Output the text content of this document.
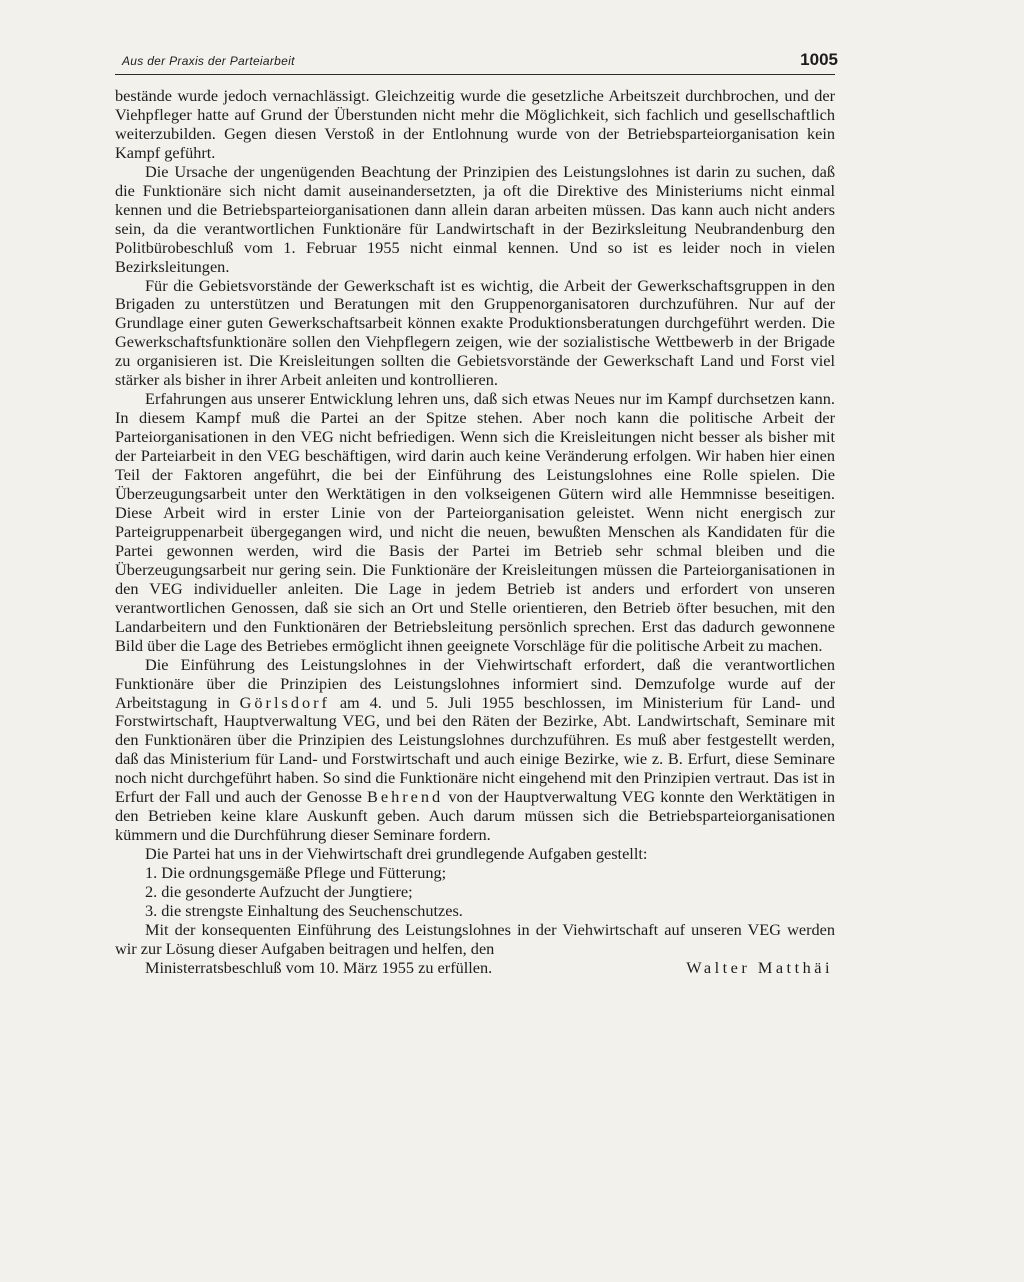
Aus der Praxis der Parteiarbeit	1005

bestände wurde jedoch vernachlässigt. Gleichzeitig wurde die gesetzliche Arbeitszeit durchbrochen, und der Viehpfleger hatte auf Grund der Überstunden nicht mehr die Möglichkeit, sich fachlich und gesellschaftlich weiterzubilden. Gegen diesen Verstoß in der Entlohnung wurde von der Betriebsparteiorganisation kein Kampf geführt.

Die Ursache der ungenügenden Beachtung der Prinzipien des Leistungslohnes ist darin zu suchen, daß die Funktionäre sich nicht damit auseinandersetzten, ja oft die Direktive des Ministeriums nicht einmal kennen und die Betriebsparteiorganisationen dann allein daran arbeiten müssen. Das kann auch nicht anders sein, da die verantwortlichen Funktionäre für Landwirtschaft in der Bezirksleitung Neubrandenburg den Politbürobeschluß vom 1. Februar 1955 nicht einmal kennen. Und so ist es leider noch in vielen Bezirksleitungen.

Für die Gebietsvorstände der Gewerkschaft ist es wichtig, die Arbeit der Gewerkschaftsgruppen in den Brigaden zu unterstützen und Beratungen mit den Gruppenorganisatoren durchzuführen. Nur auf der Grundlage einer guten Gewerkschaftsarbeit können exakte Produktionsberatungen durchgeführt werden. Die Gewerkschaftsfunktionäre sollen den Viehpflegern zeigen, wie der sozialistische Wettbewerb in der Brigade zu organisieren ist. Die Kreisleitungen sollten die Gebietsvorstände der Gewerkschaft Land und Forst viel stärker als bisher in ihrer Arbeit anleiten und kontrollieren.

Erfahrungen aus unserer Entwicklung lehren uns, daß sich etwas Neues nur im Kampf durchsetzen kann. In diesem Kampf muß die Partei an der Spitze stehen. Aber noch kann die politische Arbeit der Parteiorganisationen in den VEG nicht befriedigen. Wenn sich die Kreisleitungen nicht besser als bisher mit der Parteiarbeit in den VEG beschäftigen, wird darin auch keine Veränderung erfolgen. Wir haben hier einen Teil der Faktoren angeführt, die bei der Einführung des Leistungslohnes eine Rolle spielen. Die Überzeugungsarbeit unter den Werktätigen in den volkseigenen Gütern wird alle Hemmnisse beseitigen. Diese Arbeit wird in erster Linie von der Parteiorganisation geleistet. Wenn nicht energisch zur Parteigruppenarbeit übergegangen wird, und nicht die neuen, bewußten Menschen als Kandidaten für die Partei gewonnen werden, wird die Basis der Partei im Betrieb sehr schmal bleiben und die Überzeugungsarbeit nur gering sein. Die Funktionäre der Kreisleitungen müssen die Parteiorganisationen in den VEG individueller anleiten. Die Lage in jedem Betrieb ist anders und erfordert von unseren verantwortlichen Genossen, daß sie sich an Ort und Stelle orientieren, den Betrieb öfter besuchen, mit den Landarbeitern und den Funktionären der Betriebsleitung persönlich sprechen. Erst das dadurch gewonnene Bild über die Lage des Betriebes ermöglicht ihnen geeignete Vorschläge für die politische Arbeit zu machen.

Die Einführung des Leistungslohnes in der Viehwirtschaft erfordert, daß die verantwortlichen Funktionäre über die Prinzipien des Leistungslohnes informiert sind. Demzufolge wurde auf der Arbeitstagung in Görlsdorf am 4. und 5. Juli 1955 beschlossen, im Ministerium für Land- und Forstwirtschaft, Hauptverwaltung VEG, und bei den Räten der Bezirke, Abt. Landwirtschaft, Seminare mit den Funktionären über die Prinzipien des Leistungslohnes durchzuführen. Es muß aber festgestellt werden, daß das Ministerium für Land- und Forstwirtschaft und auch einige Bezirke, wie z. B. Erfurt, diese Seminare noch nicht durchgeführt haben. So sind die Funktionäre nicht eingehend mit den Prinzipien vertraut. Das ist in Erfurt der Fall und auch der Genosse Behrend von der Hauptverwaltung VEG konnte den Werktätigen in den Betrieben keine klare Auskunft geben. Auch darum müssen sich die Betriebsparteiorganisationen kümmern und die Durchführung dieser Seminare fordern.

Die Partei hat uns in der Viehwirtschaft drei grundlegende Aufgaben gestellt:

1. Die ordnungsgemäße Pflege und Fütterung;

2. die gesonderte Aufzucht der Jungtiere;

3. die strengste Einhaltung des Seuchenschutzes.

Mit der konsequenten Einführung des Leistungslohnes in der Viehwirtschaft auf unseren VEG werden wir zur Lösung dieser Aufgaben beitragen und helfen, den

Ministerratsbeschluß vom 10. März 1955 zu erfüllen.	Walter Matthäi
